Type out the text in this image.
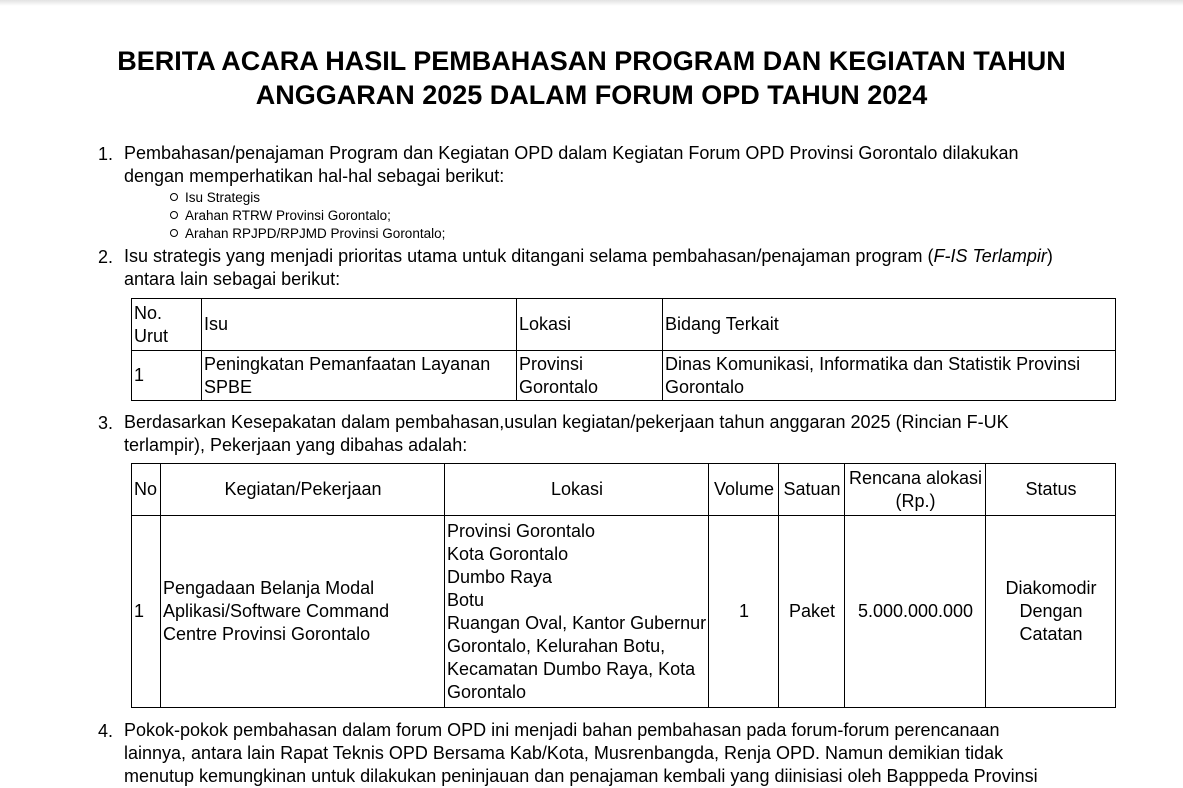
BERITA ACARA HASIL PEMBAHASAN PROGRAM DAN KEGIATAN TAHUN
ANGGARAN 2025 DALAM FORUM OPD TAHUN 2024
1. Pembahasan/penajaman Program dan Kegiatan OPD dalam Kegiatan Forum OPD Provinsi Gorontalo dilakukan
dengan memperhatikan hal-hal sebagai berikut:
Isu Strategis
Arahan RTRW Provinsi Gorontalo;
Arahan RPJPD/RPJMD Provinsi Gorontalo;
2. Isu strategis yang menjadi prioritas utama untuk ditangani selama pembahasan/penajaman program (F-IS Terlampir)
antara lain sebagai berikut:
No. Urut	Isu	Lokasi	Bidang Terkait
1	Peningkatan Pemanfaatan Layanan SPBE	Provinsi Gorontalo	Dinas Komunikasi, Informatika dan Statistik Provinsi Gorontalo
3. Berdasarkan Kesepakatan dalam pembahasan,usulan kegiatan/pekerjaan tahun anggaran 2025 (Rincian F-UK
terlampir), Pekerjaan yang dibahas adalah:
No	Kegiatan/Pekerjaan	Lokasi	Volume	Satuan	Rencana alokasi (Rp.)	Status
1	Pengadaan Belanja Modal Aplikasi/Software Command Centre Provinsi Gorontalo	Provinsi Gorontalo
Kota Gorontalo
Dumbo Raya
Botu
Ruangan Oval, Kantor Gubernur Gorontalo, Kelurahan Botu, Kecamatan Dumbo Raya, Kota Gorontalo	1	Paket	5.000.000.000	Diakomodir Dengan Catatan
4. Pokok-pokok pembahasan dalam forum OPD ini menjadi bahan pembahasan pada forum-forum perencanaan
lainnya, antara lain Rapat Teknis OPD Bersama Kab/Kota, Musrenbangda, Renja OPD. Namun demikian tidak
menutup kemungkinan untuk dilakukan peninjauan dan penajaman kembali yang diinisiasi oleh Bapppeda Provinsi
